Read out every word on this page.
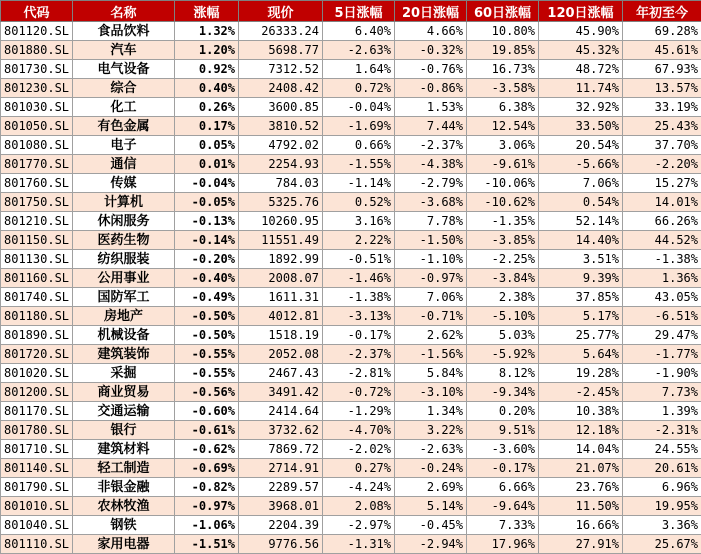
代码	名称	涨幅	现价	5日涨幅	20日涨幅	60日涨幅	120日涨幅	年初至今
801120.SL	食品饮料	1.32%	26333.24	6.40%	4.66%	10.80%	45.90%	69.28%
801880.SL	汽车	1.20%	5698.77	-2.63%	-0.32%	19.85%	45.32%	45.61%
801730.SL	电气设备	0.92%	7312.52	1.64%	-0.76%	16.73%	48.72%	67.93%
801230.SL	综合	0.40%	2408.42	0.72%	-0.86%	-3.58%	11.74%	13.57%
801030.SL	化工	0.26%	3600.85	-0.04%	1.53%	6.38%	32.92%	33.19%
801050.SL	有色金属	0.17%	3810.52	-1.69%	7.44%	12.54%	33.50%	25.43%
801080.SL	电子	0.05%	4792.02	0.66%	-2.37%	3.06%	20.54%	37.70%
801770.SL	通信	0.01%	2254.93	-1.55%	-4.38%	-9.61%	-5.66%	-2.20%
801760.SL	传媒	-0.04%	784.03	-1.14%	-2.79%	-10.06%	7.06%	15.27%
801750.SL	计算机	-0.05%	5325.76	0.52%	-3.68%	-10.62%	0.54%	14.01%
801210.SL	休闲服务	-0.13%	10260.95	3.16%	7.78%	-1.35%	52.14%	66.26%
801150.SL	医药生物	-0.14%	11551.49	2.22%	-1.50%	-3.85%	14.40%	44.52%
801130.SL	纺织服装	-0.20%	1892.99	-0.51%	-1.10%	-2.25%	3.51%	-1.38%
801160.SL	公用事业	-0.40%	2008.07	-1.46%	-0.97%	-3.84%	9.39%	1.36%
801740.SL	国防军工	-0.49%	1611.31	-1.38%	7.06%	2.38%	37.85%	43.05%
801180.SL	房地产	-0.50%	4012.81	-3.13%	-0.71%	-5.10%	5.17%	-6.51%
801890.SL	机械设备	-0.50%	1518.19	-0.17%	2.62%	5.03%	25.77%	29.47%
801720.SL	建筑装饰	-0.55%	2052.08	-2.37%	-1.56%	-5.92%	5.64%	-1.77%
801020.SL	采掘	-0.55%	2467.43	-2.81%	5.84%	8.12%	19.28%	-1.90%
801200.SL	商业贸易	-0.56%	3491.42	-0.72%	-3.10%	-9.34%	-2.45%	7.73%
801170.SL	交通运输	-0.60%	2414.64	-1.29%	1.34%	0.20%	10.38%	1.39%
801780.SL	银行	-0.61%	3732.62	-4.70%	3.22%	9.51%	12.18%	-2.31%
801710.SL	建筑材料	-0.62%	7869.72	-2.02%	-2.63%	-3.60%	14.04%	24.55%
801140.SL	轻工制造	-0.69%	2714.91	0.27%	-0.24%	-0.17%	21.07%	20.61%
801790.SL	非银金融	-0.82%	2289.57	-4.24%	2.69%	6.66%	23.76%	6.96%
801010.SL	农林牧渔	-0.97%	3968.01	2.08%	5.14%	-9.64%	11.50%	19.95%
801040.SL	钢铁	-1.06%	2204.39	-2.97%	-0.45%	7.33%	16.66%	3.36%
801110.SL	家用电器	-1.51%	9776.56	-1.31%	-2.94%	17.96%	27.91%	25.67%
